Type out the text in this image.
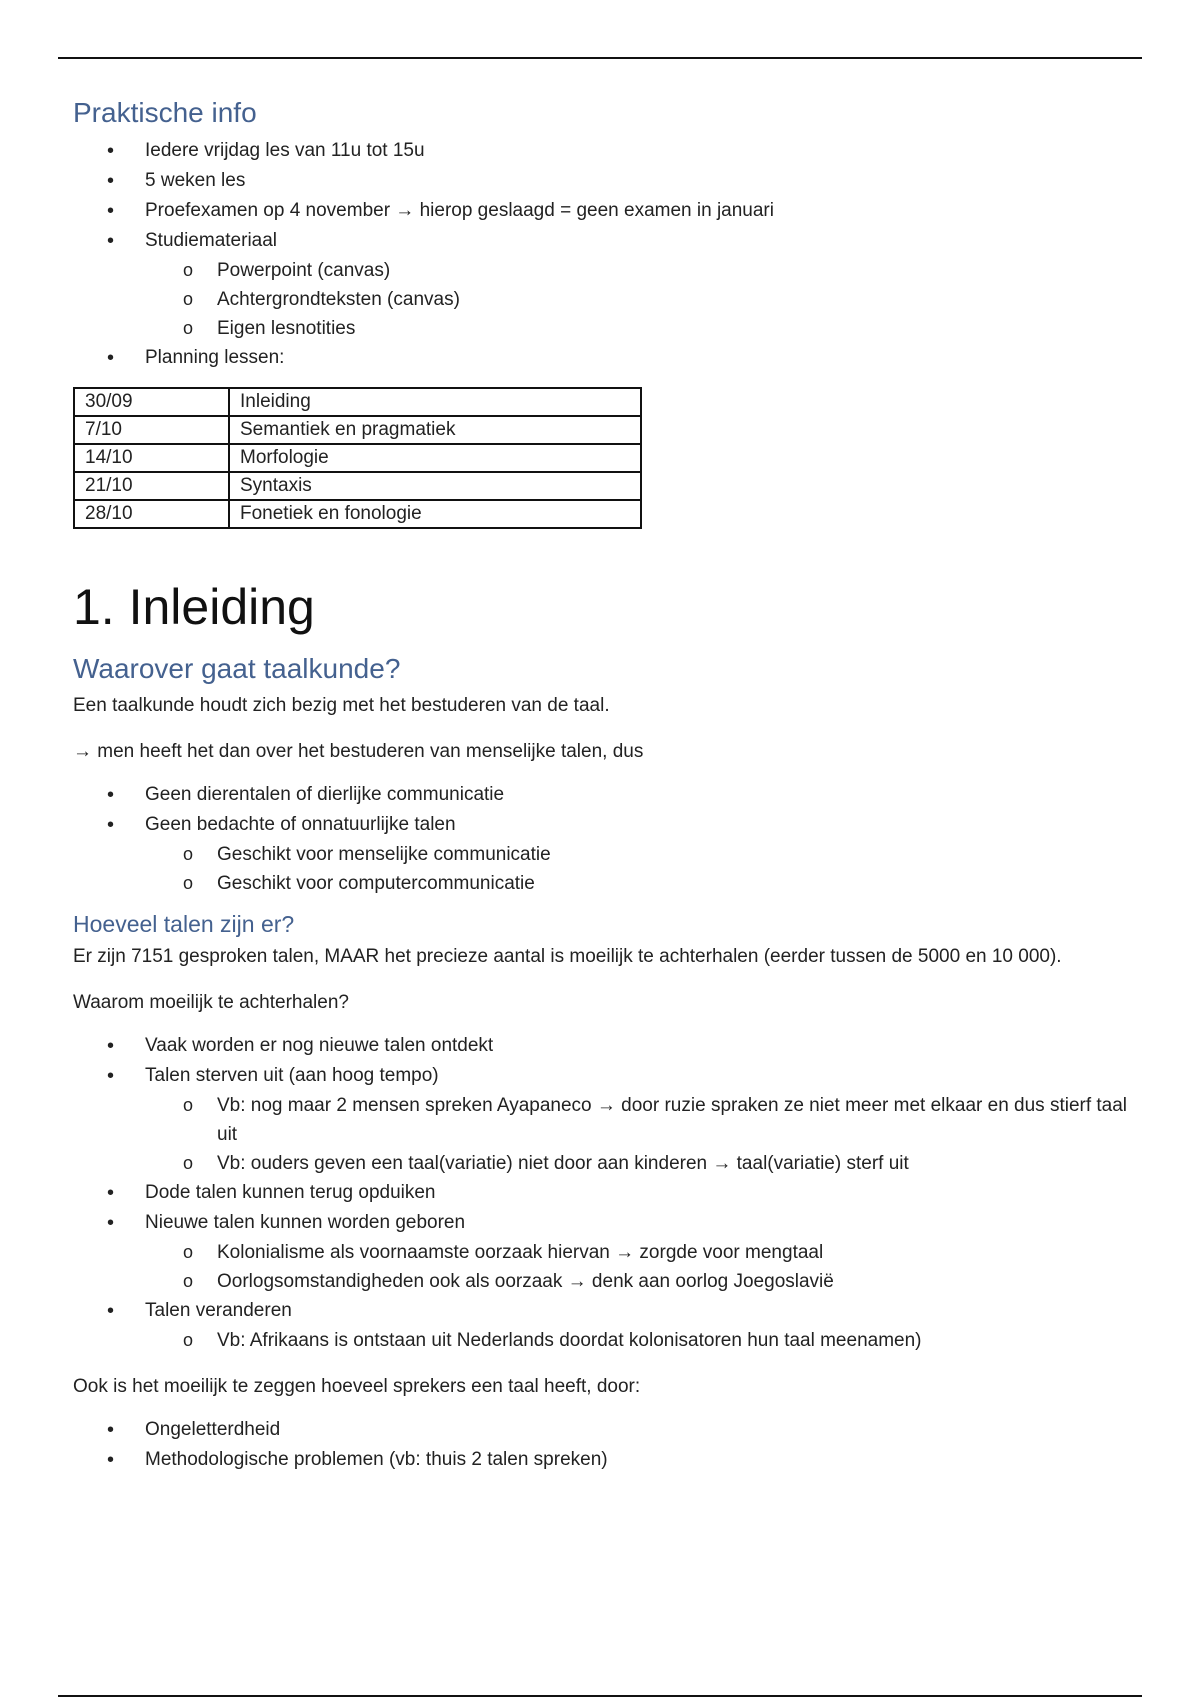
Praktische info
• Iedere vrijdag les van 11u tot 15u
• 5 weken les
• Proefexamen op 4 november → hierop geslaagd = geen examen in januari
• Studiemateriaal
o Powerpoint (canvas)
o Achtergrondteksten (canvas)
o Eigen lesnotities
• Planning lessen:
30/09	Inleiding
7/10	Semantiek en pragmatiek
14/10	Morfologie
21/10	Syntaxis
28/10	Fonetiek en fonologie
1. Inleiding
Waarover gaat taalkunde?

Een taalkunde houdt zich bezig met het bestuderen van de taal.

→ men heeft het dan over het bestuderen van menselijke talen, dus

• Geen dierentalen of dierlijke communicatie
• Geen bedachte of onnatuurlijke talen
o Geschikt voor menselijke communicatie
o Geschikt voor computercommunicatie
Hoeveel talen zijn er?

Er zijn 7151 gesproken talen, MAAR het precieze aantal is moeilijk te achterhalen (eerder tussen de 5000 en 10 000).

Waarom moeilijk te achterhalen?

• Vaak worden er nog nieuwe talen ontdekt
• Talen sterven uit (aan hoog tempo)
o Vb: nog maar 2 mensen spreken Ayapaneco → door ruzie spraken ze niet meer met elkaar en dus stierf taal uit
o Vb: ouders geven een taal(variatie) niet door aan kinderen → taal(variatie) sterf uit
• Dode talen kunnen terug opduiken
• Nieuwe talen kunnen worden geboren
o Kolonialisme als voornaamste oorzaak hiervan → zorgde voor mengtaal
o Oorlogsomstandigheden ook als oorzaak → denk aan oorlog Joegoslavië
• Talen veranderen
o Vb: Afrikaans is ontstaan uit Nederlands doordat kolonisatoren hun taal meenamen)

Ook is het moeilijk te zeggen hoeveel sprekers een taal heeft, door:

• Ongeletterdheid
• Methodologische problemen (vb: thuis 2 talen spreken)
